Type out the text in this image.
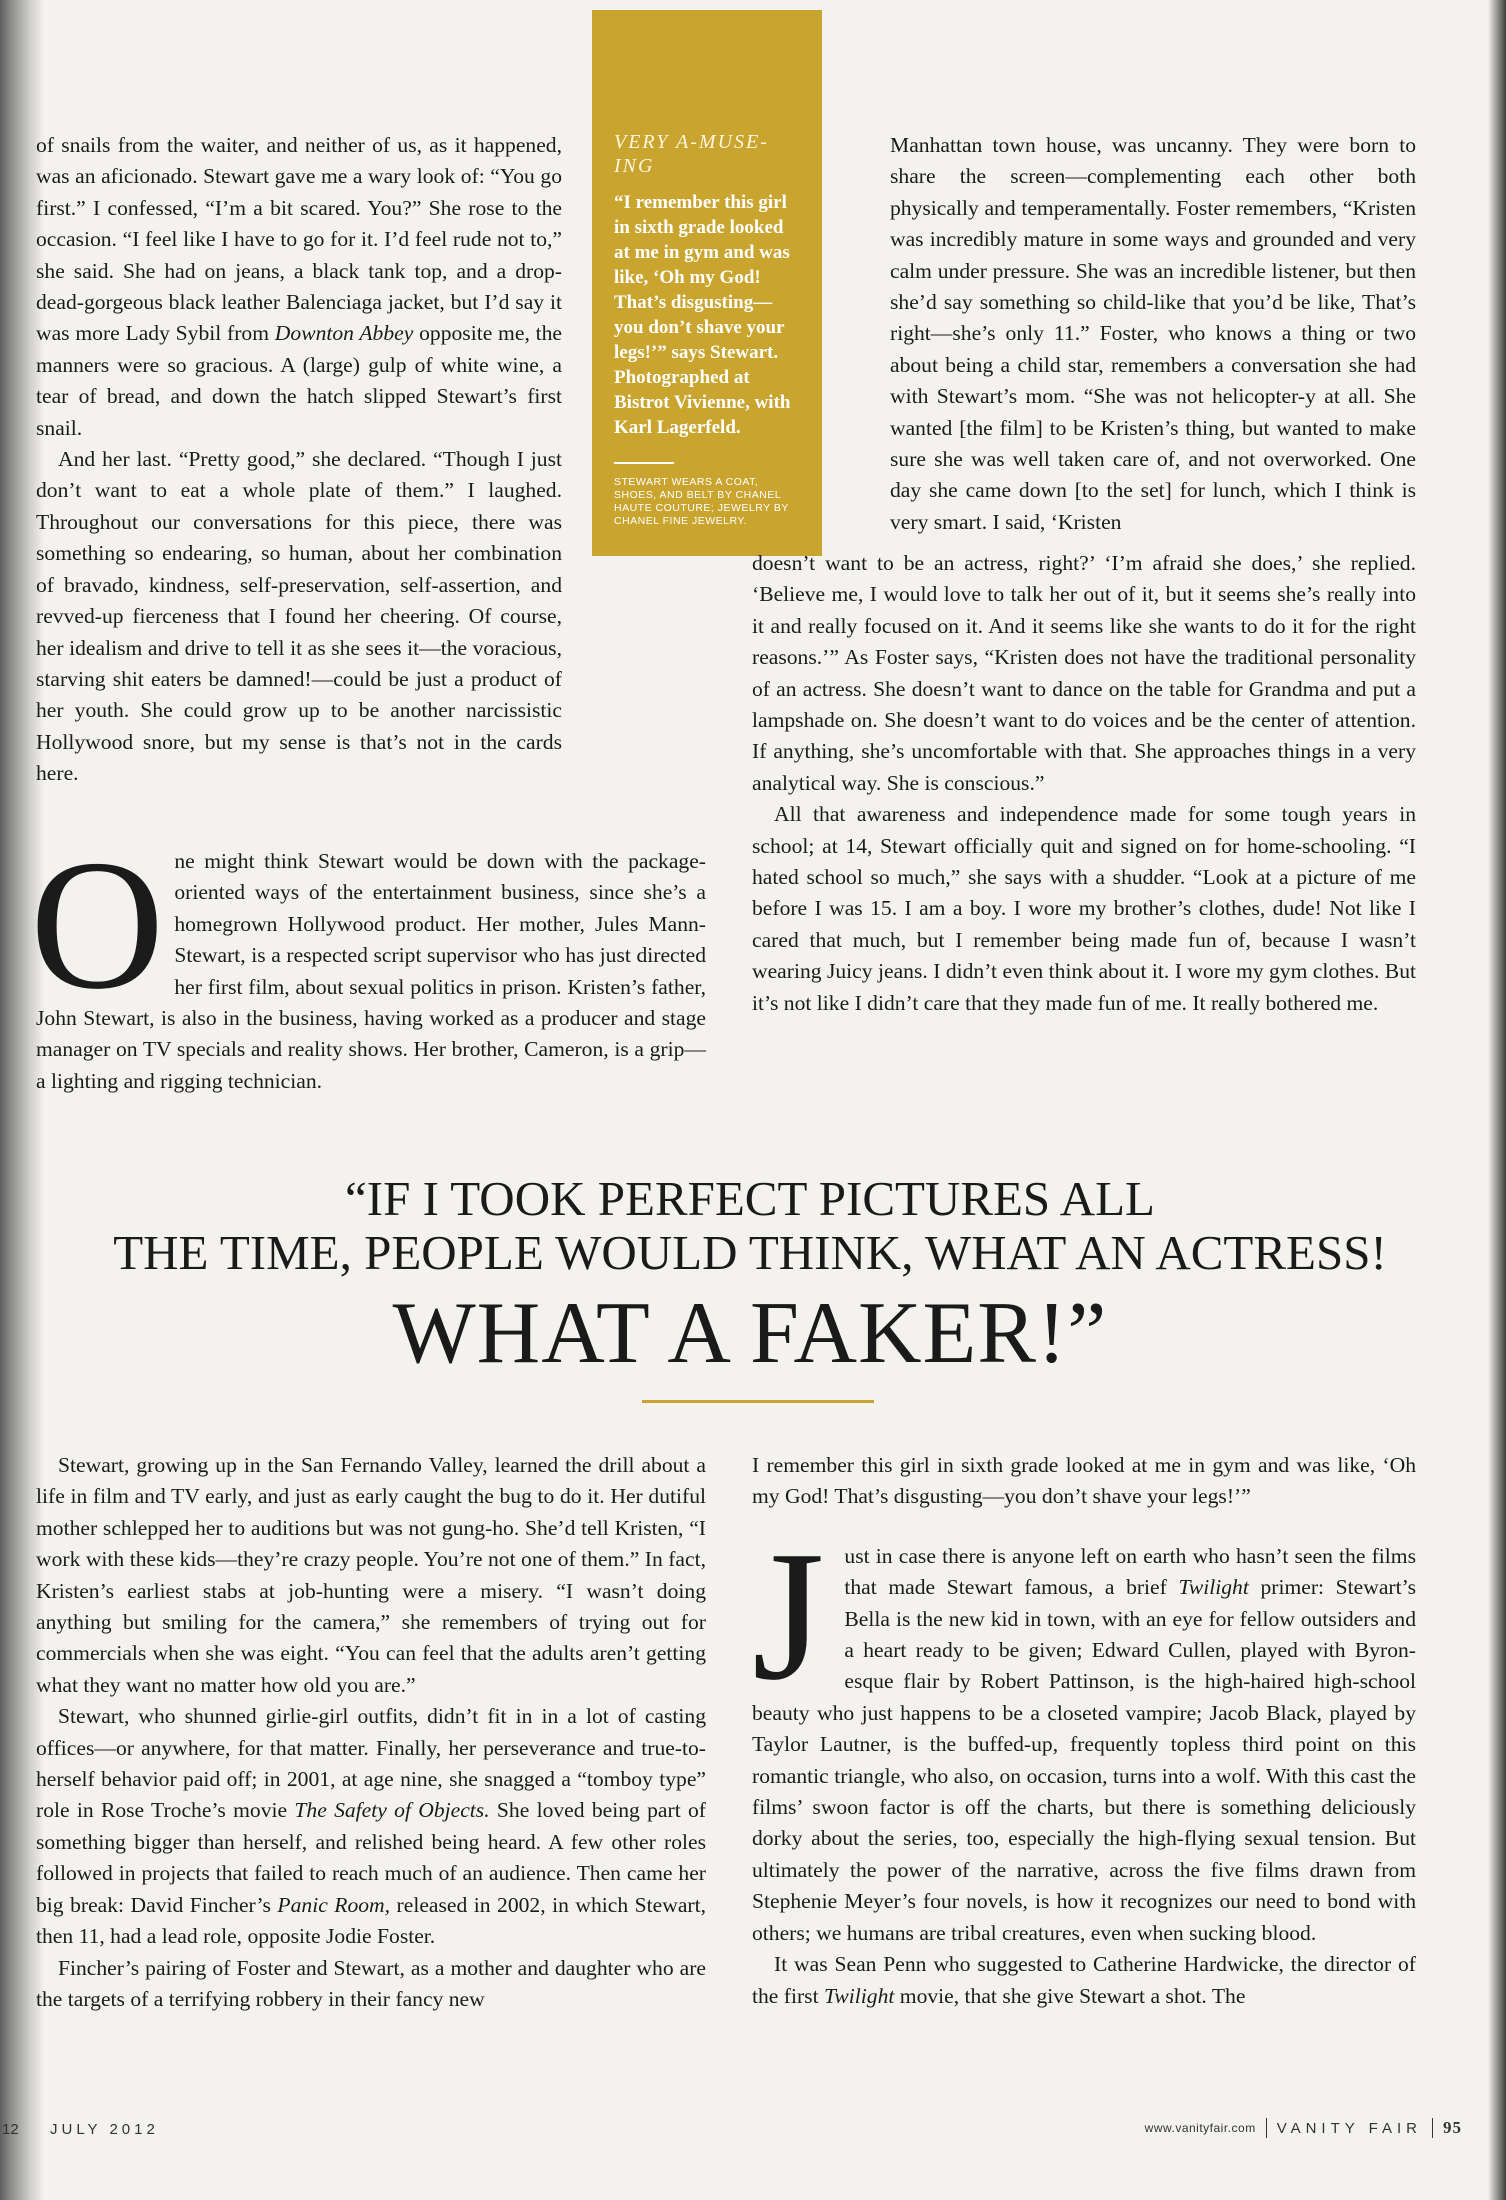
VERY A-MUSE-ING
“I remember this girl in sixth grade looked at me in gym and was like, ‘Oh my God! That’s disgusting—you don’t shave your legs!’” says Stewart. Photographed at Bistrot Vivienne, with Karl Lagerfeld.
STEWART WEARS A COAT, SHOES, AND BELT BY CHANEL HAUTE COUTURE; JEWELRY BY CHANEL FINE JEWELRY.

of snails from the waiter, and neither of us, as it happened, was an aficionado. Stewart gave me a wary look of: “You go first.” I confessed, “I’m a bit scared. You?” She rose to the occasion. “I feel like I have to go for it. I’d feel rude not to,” she said. She had on jeans, a black tank top, and a drop-dead-gorgeous black leather Balenciaga jacket, but I’d say it was more Lady Sybil from Downton Abbey opposite me, the manners were so gracious. A (large) gulp of white wine, a tear of bread, and down the hatch slipped Stewart’s first snail.

And her last. “Pretty good,” she declared. “Though I just don’t want to eat a whole plate of them.” I laughed. Throughout our conversations for this piece, there was something so endearing, so human, about her combination of bravado, kindness, self-preservation, self-assertion, and revved-up fierceness that I found her cheering. Of course, her idealism and drive to tell it as she sees it—the voracious, starving shit eaters be damned!—could be just a product of her youth. She could grow up to be another narcissistic Hollywood snore, but my sense is that’s not in the cards here.

One might think Stewart would be down with the package-oriented ways of the entertainment business, since she’s a homegrown Hollywood product. Her mother, Jules Mann-Stewart, is a respected script supervisor who has just directed her first film, about sexual politics in prison. Kristen’s father, John Stewart, is also in the business, having worked as a producer and stage manager on TV specials and reality shows. Her brother, Cameron, is a grip—a lighting and rigging technician.

Manhattan town house, was uncanny. They were born to share the screen—complementing each other both physically and temperamentally. Foster remembers, “Kristen was incredibly mature in some ways and grounded and very calm under pressure. She was an incredible listener, but then she’d say something so child-like that you’d be like, That’s right—she’s only 11.” Foster, who knows a thing or two about being a child star, remembers a conversation she had with Stewart’s mom. “She was not helicopter-y at all. She wanted [the film] to be Kristen’s thing, but wanted to make sure she was well taken care of, and not overworked. One day she came down [to the set] for lunch, which I think is very smart. I said, ‘Kristen

doesn’t want to be an actress, right?’ ‘I’m afraid she does,’ she replied. ‘Believe me, I would love to talk her out of it, but it seems she’s really into it and really focused on it. And it seems like she wants to do it for the right reasons.’” As Foster says, “Kristen does not have the traditional personality of an actress. She doesn’t want to dance on the table for Grandma and put a lampshade on. She doesn’t want to do voices and be the center of attention. If anything, she’s uncomfortable with that. She approaches things in a very analytical way. She is conscious.”

All that awareness and independence made for some tough years in school; at 14, Stewart officially quit and signed on for home-schooling. “I hated school so much,” she says with a shudder. “Look at a picture of me before I was 15. I am a boy. I wore my brother’s clothes, dude! Not like I cared that much, but I remember being made fun of, because I wasn’t wearing Juicy jeans. I didn’t even think about it. I wore my gym clothes. But it’s not like I didn’t care that they made fun of me. It really bothered me.

“IF I TOOK PERFECT PICTURES ALL
THE TIME, PEOPLE WOULD THINK, WHAT AN ACTRESS!
WHAT A FAKER!”

Stewart, growing up in the San Fernando Valley, learned the drill about a life in film and TV early, and just as early caught the bug to do it. Her dutiful mother schlepped her to auditions but was not gung-ho. She’d tell Kristen, “I work with these kids—they’re crazy people. You’re not one of them.” In fact, Kristen’s earliest stabs at job-hunting were a misery. “I wasn’t doing anything but smiling for the camera,” she remembers of trying out for commercials when she was eight. “You can feel that the adults aren’t getting what they want no matter how old you are.”

Stewart, who shunned girlie-girl outfits, didn’t fit in in a lot of casting offices—or anywhere, for that matter. Finally, her perseverance and true-to-herself behavior paid off; in 2001, at age nine, she snagged a “tomboy type” role in Rose Troche’s movie The Safety of Objects. She loved being part of something bigger than herself, and relished being heard. A few other roles followed in projects that failed to reach much of an audience. Then came her big break: David Fincher’s Panic Room, released in 2002, in which Stewart, then 11, had a lead role, opposite Jodie Foster.

Fincher’s pairing of Foster and Stewart, as a mother and daughter who are the targets of a terrifying robbery in their fancy new

I remember this girl in sixth grade looked at me in gym and was like, ‘Oh my God! That’s disgusting—you don’t shave your legs!’”

Just in case there is anyone left on earth who hasn’t seen the films that made Stewart famous, a brief Twilight primer: Stewart’s Bella is the new kid in town, with an eye for fellow outsiders and a heart ready to be given; Edward Cullen, played with Byron-esque flair by Robert Pattinson, is the high-haired high-school beauty who just happens to be a closeted vampire; Jacob Black, played by Taylor Lautner, is the buffed-up, frequently topless third point on this romantic triangle, who also, on occasion, turns into a wolf. With this cast the films’ swoon factor is off the charts, but there is something deliciously dorky about the series, too, especially the high-flying sexual tension. But ultimately the power of the narrative, across the five films drawn from Stephenie Meyer’s four novels, is how it recognizes our need to bond with others; we humans are tribal creatures, even when sucking blood.

It was Sean Penn who suggested to Catherine Hardwicke, the director of the first Twilight movie, that she give Stewart a shot. The

12 JULY 2012	www.vanityfair.com VANITY FAIR 95
